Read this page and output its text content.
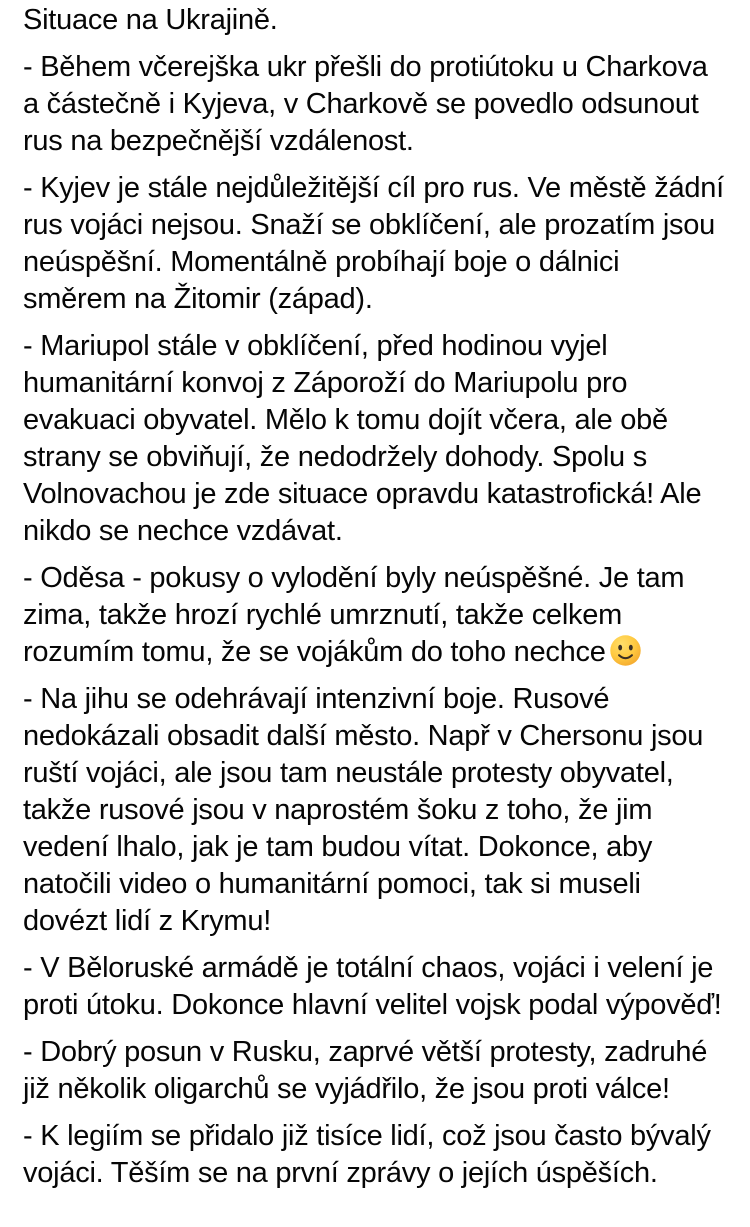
Situace na Ukrajině.

- Během včerejška ukr přešli do protiútoku u Charkova a částečně i Kyjeva, v Charkově se povedlo odsunout rus na bezpečnější vzdálenost.

- Kyjev je stále nejdůležitější cíl pro rus. Ve městě žádní rus vojáci nejsou. Snaží se obklíčení, ale prozatím jsou neúspěšní. Momentálně probíhají boje o dálnici směrem na Žitomir (západ).

- Mariupol stále v obklíčení, před hodinou vyjel humanitární konvoj z Záporoží do Mariupolu pro evakuaci obyvatel. Mělo k tomu dojít včera, ale obě strany se obviňují, že nedodržely dohody. Spolu s Volnovachou je zde situace opravdu katastrofická! Ale nikdo se nechce vzdávat.

- Oděsa - pokusy o vylodění byly neúspěšné. Je tam zima, takže hrozí rychlé umrznutí, takže celkem rozumím tomu, že se vojákům do toho nechce

- Na jihu se odehrávají intenzivní boje. Rusové nedokázali obsadit další město. Např v Chersonu jsou ruští vojáci, ale jsou tam neustále protesty obyvatel, takže rusové jsou v naprostém šoku z toho, že jim vedení lhalo, jak je tam budou vítat. Dokonce, aby natočili video o humanitární pomoci, tak si museli dovézt lidí z Krymu!

- V Běloruské armádě je totální chaos, vojáci i velení je proti útoku. Dokonce hlavní velitel vojsk podal výpověď!

- Dobrý posun v Rusku, zaprvé větší protesty, zadruhé již několik oligarchů se vyjádřilo, že jsou proti válce!

- K legiím se přidalo již tisíce lidí, což jsou často bývalý vojáci. Těším se na první zprávy o jejích úspěších.
